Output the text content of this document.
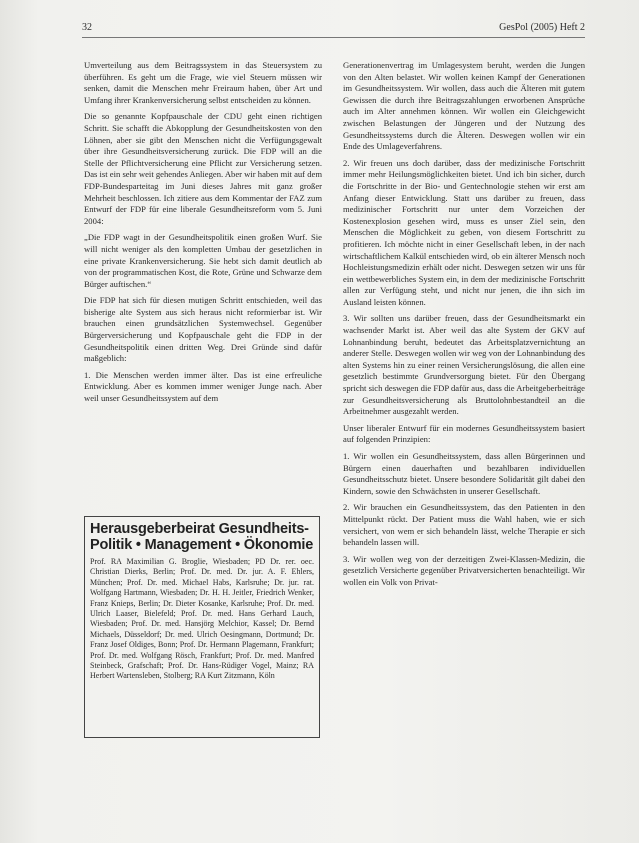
32	GesPol (2005) Heft 2

Umverteilung aus dem Beitragssystem in das Steuersystem zu überführen. Es geht um die Frage, wie viel Steuern müssen wir senken, damit die Menschen mehr Freiraum haben, über Art und Umfang ihrer Krankenversicherung selbst entscheiden zu können.

Die so genannte Kopfpauschale der CDU geht einen richtigen Schritt. Sie schafft die Abkopplung der Gesundheitskosten von den Löhnen, aber sie gibt den Menschen nicht die Verfügungsgewalt über ihre Gesundheitsversicherung zurück. Die FDP will an die Stelle der Pflichtversicherung eine Pflicht zur Versicherung setzen. Das ist ein sehr weit gehendes Anliegen. Aber wir haben mit auf dem FDP-Bundesparteitag im Juni dieses Jahres mit ganz großer Mehrheit beschlossen. Ich zitiere aus dem Kommentar der FAZ zum Entwurf der FDP für eine liberale Gesundheitsreform vom 5. Juni 2004:

„Die FDP wagt in der Gesundheitspolitik einen großen Wurf. Sie will nicht weniger als den kompletten Umbau der gesetzlichen in eine private Krankenversicherung. Sie hebt sich damit deutlich ab von der programmatischen Kost, die Rote, Grüne und Schwarze dem Bürger auftischen.“

Die FDP hat sich für diesen mutigen Schritt entschieden, weil das bisherige alte System aus sich heraus nicht reformierbar ist. Wir brauchen einen grundsätzlichen Systemwechsel. Gegenüber Bürgerversicherung und Kopfpauschale geht die FDP in der Gesundheitspolitik einen dritten Weg. Drei Gründe sind dafür maßgeblich:

1. Die Menschen werden immer älter. Das ist eine erfreuliche Entwicklung. Aber es kommen immer weniger Junge nach. Aber weil unser Gesundheitssystem auf dem

Herausgeberbeirat Gesundheits-Politik • Management • Ökonomie
Prof. RA Maximilian G. Broglie, Wiesbaden; PD Dr. rer. oec. Christian Dierks, Berlin; Prof. Dr. med. Dr. jur. A. F. Ehlers, München; Prof. Dr. med. Michael Habs, Karlsruhe; Dr. jur. rat. Wolfgang Hartmann, Wiesbaden; Dr. H. H. Jeitler, Friedrich Wenker, Franz Knieps, Berlin; Dr. Dieter Kosanke, Karlsruhe; Prof. Dr. med. Ulrich Laaser, Bielefeld; Prof. Dr. med. Hans Gerhard Lauch, Wiesbaden; Prof. Dr. med. Hansjörg Melchior, Kassel; Dr. Bernd Michaels, Düsseldorf; Dr. med. Ulrich Oesingmann, Dortmund; Dr. Franz Josef Oldiges, Bonn; Prof. Dr. Hermann Plagemann, Frankfurt; Prof. Dr. med. Wolfgang Rösch, Frankfurt; Prof. Dr. med. Manfred Steinbeck, Grafschaft; Prof. Dr. Hans-Rüdiger Vogel, Mainz; RA Herbert Wartensleben, Stolberg; RA Kurt Zitzmann, Köln

Generationenvertrag im Umlagesystem beruht, werden die Jungen von den Alten belastet. Wir wollen keinen Kampf der Generationen im Gesundheitssystem. Wir wollen, dass auch die Älteren mit gutem Gewissen die durch ihre Beitragszahlungen erworbenen Ansprüche auch im Alter annehmen können. Wir wollen ein Gleichgewicht zwischen Belastungen der Jüngeren und der Nutzung des Gesundheitssystems durch die Älteren. Deswegen wollen wir ein Ende des Umlageverfahrens.

2. Wir freuen uns doch darüber, dass der medizinische Fortschritt immer mehr Heilungsmöglichkeiten bietet. Und ich bin sicher, durch die Fortschritte in der Bio- und Gentechnologie stehen wir erst am Anfang dieser Entwicklung. Statt uns darüber zu freuen, dass medizinischer Fortschritt nur unter dem Vorzeichen der Kostenexplosion gesehen wird, muss es unser Ziel sein, den Menschen die Möglichkeit zu geben, von diesem Fortschritt zu profitieren. Ich möchte nicht in einer Gesellschaft leben, in der nach wirtschaftlichem Kalkül entschieden wird, ob ein älterer Mensch noch Hochleistungsmedizin erhält oder nicht. Deswegen setzen wir uns für ein wettbewerbliches System ein, in dem der medizinische Fortschritt allen zur Verfügung steht, und nicht nur jenen, die ihn sich im Ausland leisten können.

3. Wir sollten uns darüber freuen, dass der Gesundheitsmarkt ein wachsender Markt ist. Aber weil das alte System der GKV auf Lohnanbindung beruht, bedeutet das Arbeitsplatzvernichtung an anderer Stelle. Deswegen wollen wir weg von der Lohnanbindung des alten Systems hin zu einer reinen Versicherungslösung, die allen eine gesetzlich bestimmte Grundversorgung bietet. Für den Übergang spricht sich deswegen die FDP dafür aus, dass die Arbeitgeberbeiträge zur Gesundheitsversicherung als Bruttolohnbestandteil an die Arbeitnehmer ausgezahlt werden.

Unser liberaler Entwurf für ein modernes Gesundheitssystem basiert auf folgenden Prinzipien:

1. Wir wollen ein Gesundheitssystem, dass allen Bürgerinnen und Bürgern einen dauerhaften und bezahlbaren individuellen Gesundheitsschutz bietet. Unsere besondere Solidarität gilt dabei den Kindern, sowie den Schwächsten in unserer Gesellschaft.

2. Wir brauchen ein Gesundheitssystem, das den Patienten in den Mittelpunkt rückt. Der Patient muss die Wahl haben, wie er sich versichert, von wem er sich behandeln lässt, welche Therapie er sich behandeln lassen will.

3. Wir wollen weg von der derzeitigen Zwei-Klassen-Medizin, die gesetzlich Versicherte gegenüber Privatversicherten benachteiligt. Wir wollen ein Volk von Privat-
